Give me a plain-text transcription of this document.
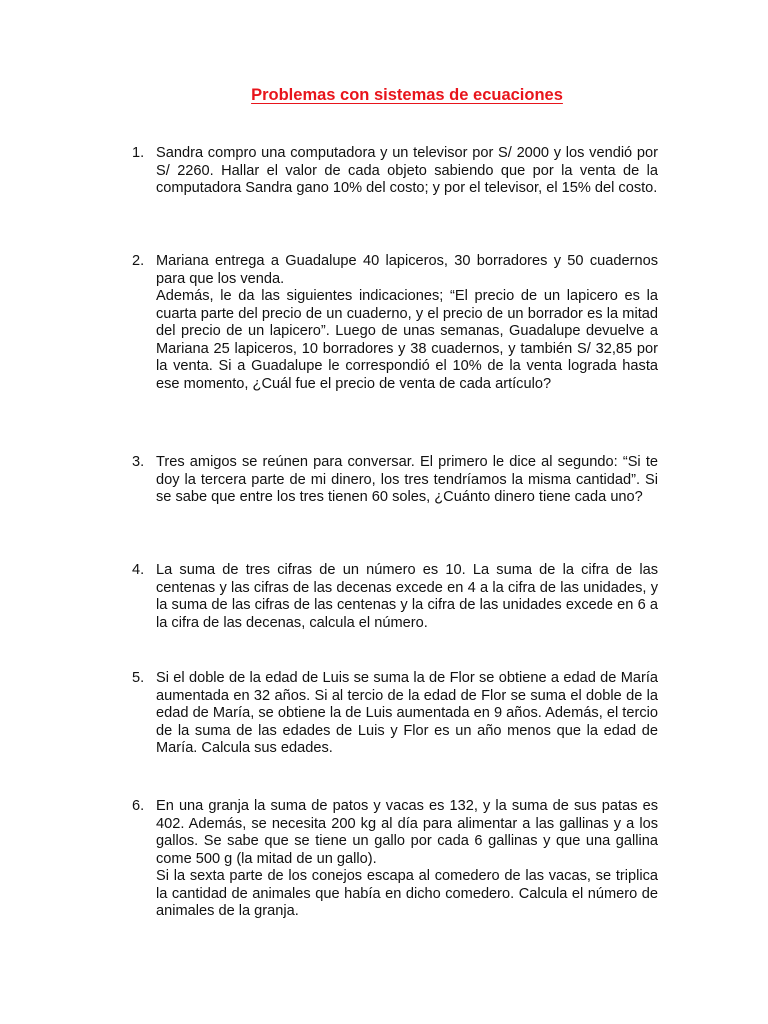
Problemas con sistemas de ecuaciones
1. Sandra compro una computadora y un televisor por S/ 2000 y los vendió por S/ 2260. Hallar el valor de cada objeto sabiendo que por la venta de la computadora Sandra gano 10% del costo; y por el televisor, el 15% del costo.

2. Mariana entrega a Guadalupe 40 lapiceros, 30 borradores y 50 cuadernos para que los venda.

Además, le da las siguientes indicaciones; “El precio de un lapicero es la cuarta parte del precio de un cuaderno, y el precio de un borrador es la mitad del precio de un lapicero”. Luego de unas semanas, Guadalupe devuelve a Mariana 25 lapiceros, 10 borradores y 38 cuadernos, y también S/ 32,85 por la venta. Si a Guadalupe le correspondió el 10% de la venta lograda hasta ese momento, ¿Cuál fue el precio de venta de cada artículo?

3. Tres amigos se reúnen para conversar. El primero le dice al segundo: “Si te doy la tercera parte de mi dinero, los tres tendríamos la misma cantidad”. Si se sabe que entre los tres tienen 60 soles, ¿Cuánto dinero tiene cada uno?

4. La suma de tres cifras de un número es 10. La suma de la cifra de las centenas y las cifras de las decenas excede en 4 a la cifra de las unidades, y la suma de las cifras de las centenas y la cifra de las unidades excede en 6 a la cifra de las decenas, calcula el número.

5. Si el doble de la edad de Luis se suma la de Flor se obtiene a edad de María aumentada en 32 años. Si al tercio de la edad de Flor se suma el doble de la edad de María, se obtiene la de Luis aumentada en 9 años. Además, el tercio de la suma de las edades de Luis y Flor es un año menos que la edad de María. Calcula sus edades.

6. En una granja la suma de patos y vacas es 132, y la suma de sus patas es 402. Además, se necesita 200 kg al día para alimentar a las gallinas y a los gallos. Se sabe que se tiene un gallo por cada 6 gallinas y que una gallina come 500 g (la mitad de un gallo).

Si la sexta parte de los conejos escapa al comedero de las vacas, se triplica la cantidad de animales que había en dicho comedero. Calcula el número de animales de la granja.
